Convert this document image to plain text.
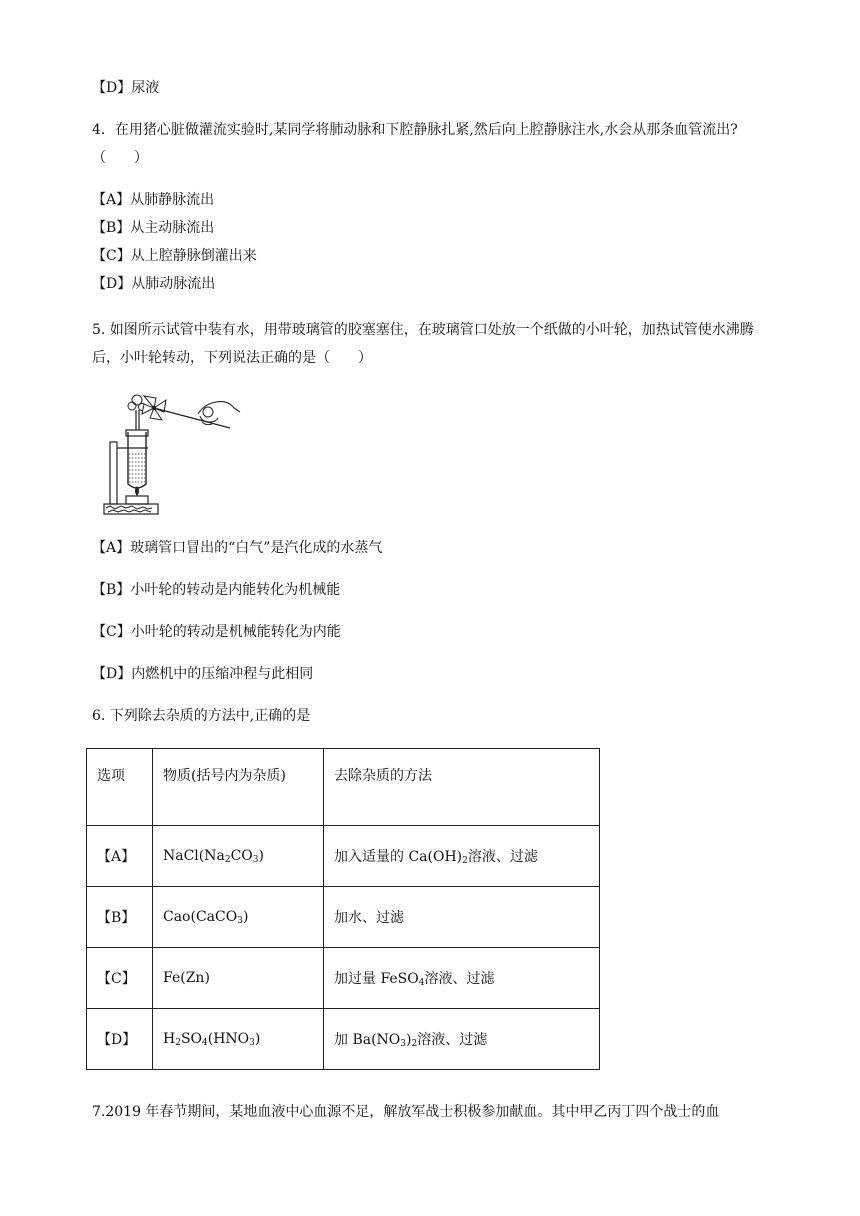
【D】尿液
4．在用猪心脏做灌流实验时,某同学将肺动脉和下腔静脉扎紧,然后向上腔静脉注水,水会从那条血管流出?（　　）
【A】从肺静脉流出
【B】从主动脉流出
【C】从上腔静脉倒灌出来
【D】从肺动脉流出
5. 如图所示试管中装有水，用带玻璃管的胶塞塞住，在玻璃管口处放一个纸做的小叶轮，加热试管使水沸腾后，小叶轮转动，下列说法正确的是（　　）
【A】玻璃管口冒出的“白气”是汽化成的水蒸气
【B】小叶轮的转动是内能转化为机械能
【C】小叶轮的转动是机械能转化为内能
【D】内燃机中的压缩冲程与此相同
6. 下列除去杂质的方法中,正确的是
选项	物质(括号内为杂质)	去除杂质的方法
【A】	$NaCl(Na_2CO_3)$	加入适量的 $Ca(OH)_2$溶液、过滤
【B】	Cao(CaCO$_3$)	加水、过滤
【C】	Fe(Zn)	加过量 FeSO$_4$溶液、过滤
【D】	$H_2SO_4(HNO_3)$	加 $Ba(NO_3)_2$溶液、过滤
7.2019 年春节期间，某地血液中心血源不足，解放军战士积极参加献血。其中甲乙丙丁四个战士的血
